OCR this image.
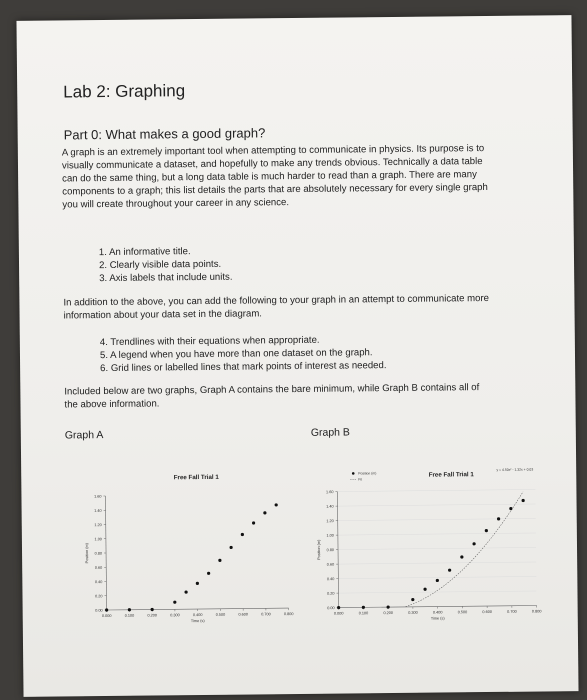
Lab 2: Graphing
Part 0: What makes a good graph?

A graph is an extremely important tool when attempting to communicate in physics. Its purpose is to visually communicate a dataset, and hopefully to make any trends obvious. Technically a data table can do the same thing, but a long data table is much harder to read than a graph. There are many components to a graph; this list details the parts that are absolutely necessary for every single graph you will create throughout your career in any science.

1. An informative title.
2. Clearly visible data points.
3. Axis labels that include units.

In addition to the above, you can add the following to your graph in an attempt to communicate more information about your data set in the diagram.

4. Trendlines with their equations when appropriate.
5. A legend when you have more than one dataset on the graph.
6. Grid lines or labelled lines that mark points of interest as needed.

Included below are two graphs, Graph A contains the bare minimum, while Graph B contains all of the above information.

Graph A	Graph B
Free Fall Trial 1
0.00
0.20
0.40
0.60
0.80
1.00
1.20
1.40
1.60
0.000	0.100	0.200	0.300	0.400	0.500	0.600	0.700	0.800
Time (s)
Position (m)
Free Fall Trial 1
0.00
0.20
0.40
0.60
0.80
1.00
1.20
1.40
1.60
0.000	0.100	0.200	0.300	0.400	0.500	0.600	0.700	0.800
Time (s)
Position (m)
Position (m)
Fit
y = 4.50x² - 1.32x + 0.03
